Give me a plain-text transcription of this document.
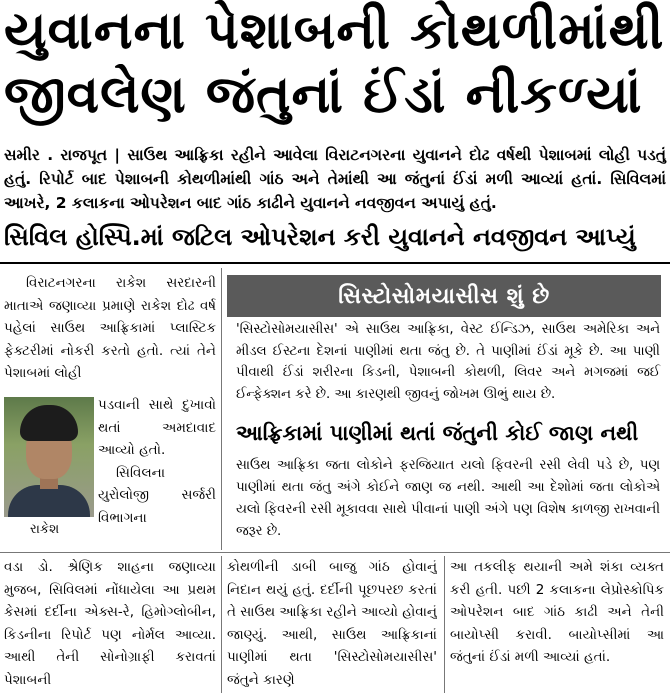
યુવાનના પેશાબની કોથળીમાંથી
જીવલેણ જંતુનાં ઈંડાં નીકળ્યાં
સમીર . રાજપૂત | સાઉથ આફ્રિકા રહીને આવેલા વિરાટનગરના યુવાનને દોઢ વર્ષથી પેશાબમાં લોહી પડતું હતું. રિપોર્ટ બાદ પેશાબની કોથળીમાંથી ગાંઠ અને તેમાંથી આ જંતુનાં ઈંડાં મળી આવ્યાં હતાં. સિવિલમાં આખરે, 2 કલાકના ઓપરેશન બાદ ગાંઠ કાઢીને યુવાનને નવજીવન અપાયું હતું.
સિવિલ હોસ્પિ.માં જટિલ ઓપરેશન કરી યુવાનને નવજીવન આપ્યું

વિરાટનગરના રાકેશ સરદારની માતાએ જણાવ્યા પ્રમાણે રાકેશ દોઢ વર્ષ પહેલાં સાઉથ આફ્રિકામાં પ્લાસ્ટિક ફેક્ટરીમાં નોકરી કરતો હતો. ત્યાં તેને પેશાબમાં લોહી

રાકેશ

પડવાની સાથે દુખાવો થતાં અમદાવાદ આવ્યો હતો.

સિવિલના યુરોલોજી સર્જરી વિભાગના

સિસ્ટોસોમયાસીસ શું છે
'સિસ્ટોસોમયાસીસ' એ સાઉથ આફ્રિકા, વેસ્ટ ઈન્ડિઝ, સાઉથ અમેરિકા અને મીડલ ઈસ્ટના દેશનાં પાણીમાં થતા જંતુ છે. તે પાણીમાં ઈંડાં મૂકે છે. આ પાણી પીવાથી ઈંડાં શરીરના કિડની, પેશાબની કોથળી, લિવર અને મગજમાં જઈ ઈન્ફેક્શન કરે છે. આ કારણથી જીવનું જોખમ ઊભું થાય છે.
આફ્રિકામાં પાણીમાં થતાં જંતુની કોઈ જાણ નથી
સાઉથ આફ્રિકા જતા લોકોને ફરજિયાત યલો ફિવરની રસી લેવી પડે છે, પણ પાણીમાં થતા જંતુ અંગે કોઈને જાણ જ નથી. આથી આ દેશોમાં જતા લોકોએ યલો ફિવરની રસી મૂકાવવા સાથે પીવાનાં પાણી અંગે પણ વિશેષ કાળજી રાખવાની જરૂર છે.
વડા ડો. શ્રેણિક શાહના જણાવ્યા મુજબ, સિવિલમાં નોંધાયેલા આ પ્રથમ કેસમાં દર્દીના એક્સ-રે, હિમોગ્લોબીન, કિડનીના રિપોર્ટ પણ નોર્મલ આવ્યા. આથી તેની સોનોગ્રાફી કરાવતાં પેશાબની
કોથળીની ડાબી બાજુ ગાંઠ હોવાનું નિદાન થયું હતું. દર્દીની પૂછપરછ કરતાં તે સાઉથ આફ્રિકા રહીને આવ્યો હોવાનું જાણ્યું. આથી, સાઉથ આફ્રિકાનાં પાણીમાં થતા 'સિસ્ટોસોમયાસીસ' જંતુને કારણે
આ તકલીફ થયાની અમે શંકા વ્યક્ત કરી હતી. પછી 2 કલાકના લેપ્રોસ્કોપિક ઓપરેશન બાદ ગાંઠ કાઢી અને તેની બાયોપ્સી કરાવી. બાયોપ્સીમાં આ જંતુનાં ઈંડાં મળી આવ્યાં હતાં.
